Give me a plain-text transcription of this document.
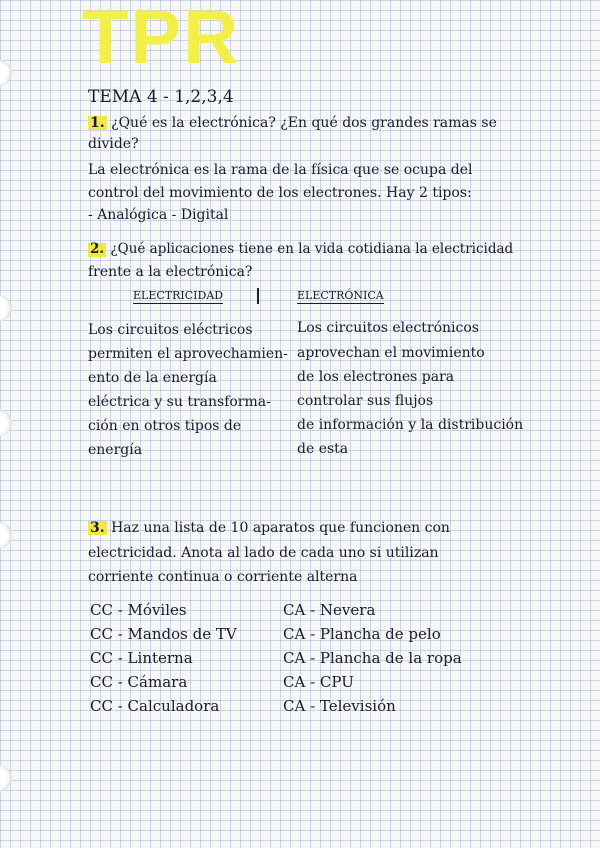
TPR
TEMA 4 - 1,2,3,4
1. ¿Qué es la electrónica? ¿En qué dos grandes ramas se
divide?
La electrónica es la rama de la física que se ocupa del
control del movimiento de los electrones. Hay 2 tipos:
- Analógica - Digital
2. ¿Qué aplicaciones tiene en la vida cotidiana la electricidad
frente a la electrónica?
ELECTRICIDAD	ELECTRÓNICA
Los circuitos eléctricos
permiten el aprovechamien-
ento de la energía
eléctrica y su transforma-
ción en otros tipos de
energía
Los circuitos electrónicos
aprovechan el movimiento
de los electrones para
controlar sus flujos
de información y la distribución
de esta
3. Haz una lista de 10 aparatos que funcionen con
electricidad. Anota al lado de cada uno si utilizan
corriente continua o corriente alterna
CC - Móviles
CC - Mandos de TV
CC - Linterna
CC - Cámara
CC - Calculadora
CA - Nevera
CA - Plancha de pelo
CA - Plancha de la ropa
CA - CPU
CA - Televisión
